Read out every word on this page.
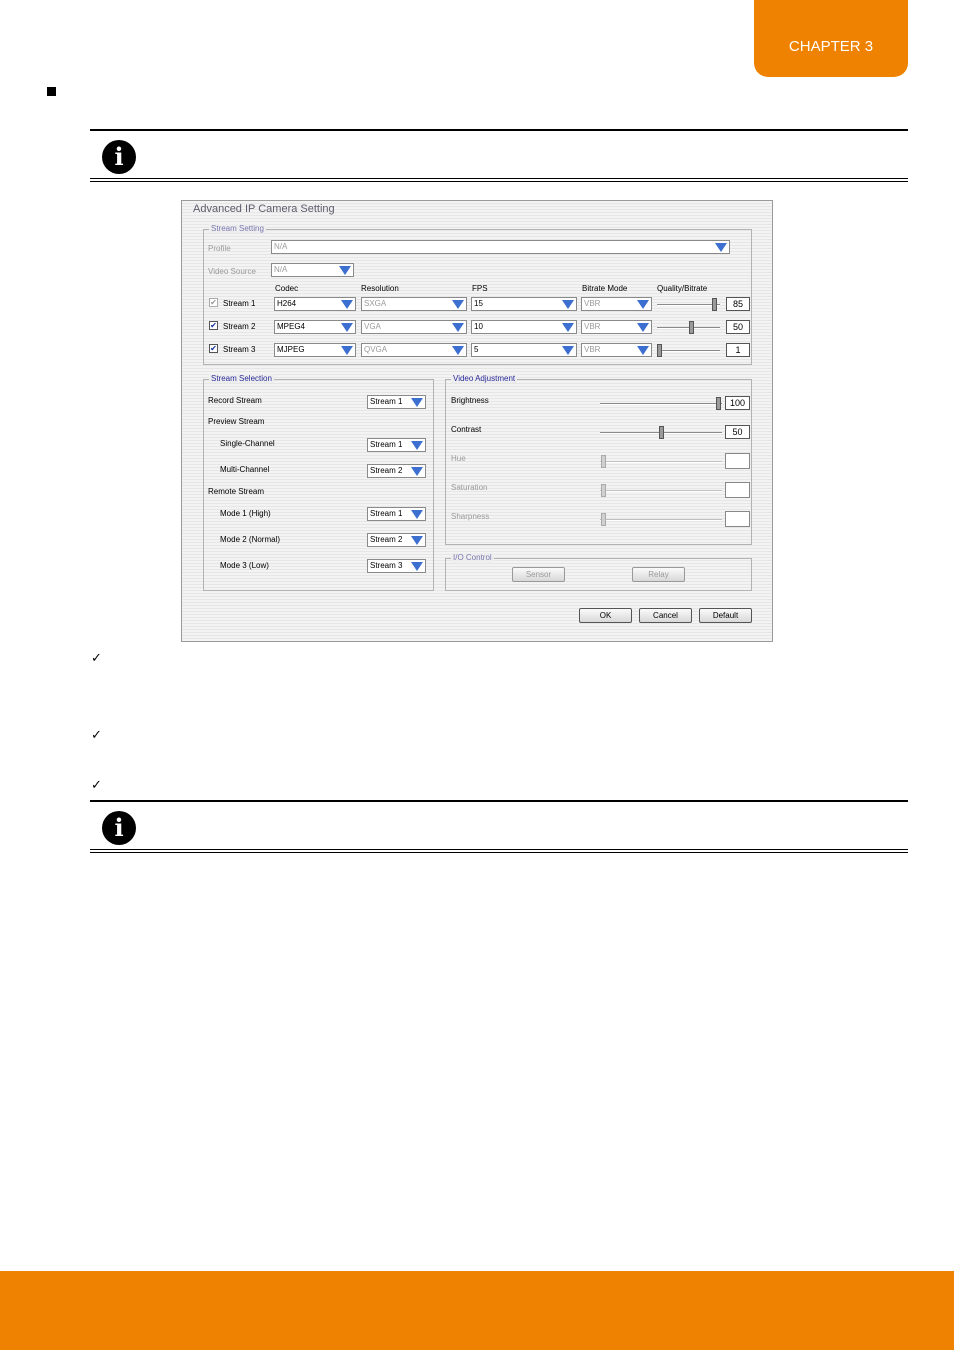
CHAPTER 3
i
Advanced IP Camera Setting
Stream Setting
Profile	N/A
Video Source	N/A
Codec	Resolution	FPS	Bitrate Mode	Quality/Bitrate
✔ Stream 1	H264	SXGA	15	VBR	85
✔ Stream 2	MPEG4	VGA	10	VBR	50
✔ Stream 3	MJPEG	QVGA	5	VBR	1
Stream Selection
Record Stream	Stream 1
Preview Stream
Single-Channel	Stream 1
Multi-Channel	Stream 2
Remote Stream
Mode 1 (High)	Stream 1
Mode 2 (Normal)	Stream 2
Mode 3 (Low)	Stream 3
Video Adjustment
Brightness	100
Contrast	50
Hue
Saturation
Sharpness
I/O Control
Sensor	Relay
OK	Cancel	Default
✓
✓
✓
i
